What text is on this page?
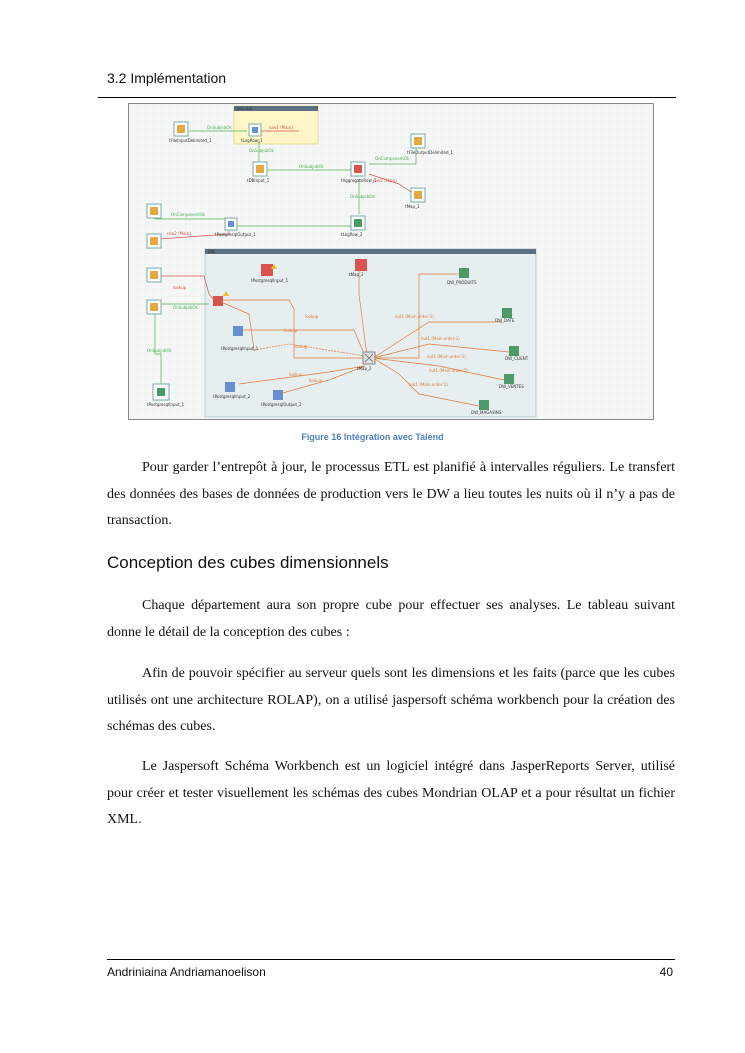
3.2 Implémentation
process
DW
OnSubjobOk	row1 (Main)
OnSubjobOk
OnSubjobOk
OnComponentOk
row2 (Main)
OnSubjobOk
OnComponentOk
row2 (Main)
lookup
OnSubjobOk
OnSubjobOk
lookup
lookup
lookup
out1 (Main order:1)
out1 (Main order:1)
out1 (Main order:1)
out1 (Main order:1)
out1 (Main order:1)
lookup
lookup
tFileInputDelimited_1	tLogRow_1
tDBInput_1	tAggregateRow_1
tFileOutputDelimited_1
tMap_1
tLogRow_2
tPostgresqlOutput_1
tPostgresqlInput_1
tMap_2
tPostgresqlInput_1
tMap_2
tPostgresqlInput_2
tPostgresqlOutput_2
DW_PRODUITS
DW_DATE
DW_CLIENT
DW_VENTES
DW_MAGASINS
tPostgresqlInput_1
Figure 16 Intégration avec Talend

Pour garder l’entrepôt à jour, le processus ETL est planifié à intervalles réguliers. Le transfert des données des bases de données de production vers le DW a lieu toutes les nuits où il n’y a pas de transaction.

Conception des cubes dimensionnels

Chaque département aura son propre cube pour effectuer ses analyses. Le tableau suivant donne le détail de la conception des cubes :

Afin de pouvoir spécifier au serveur quels sont les dimensions et les faits (parce que les cubes utilisés ont une architecture ROLAP), on a utilisé jaspersoft schéma workbench pour la création des schémas des cubes.

Le Jaspersoft Schéma Workbench est un logiciel intégré dans JasperReports Server, utilisé pour créer et tester visuellement les schémas des cubes Mondrian OLAP et a pour résultat un fichier XML.

Andriniaina Andriamanoelison	40
